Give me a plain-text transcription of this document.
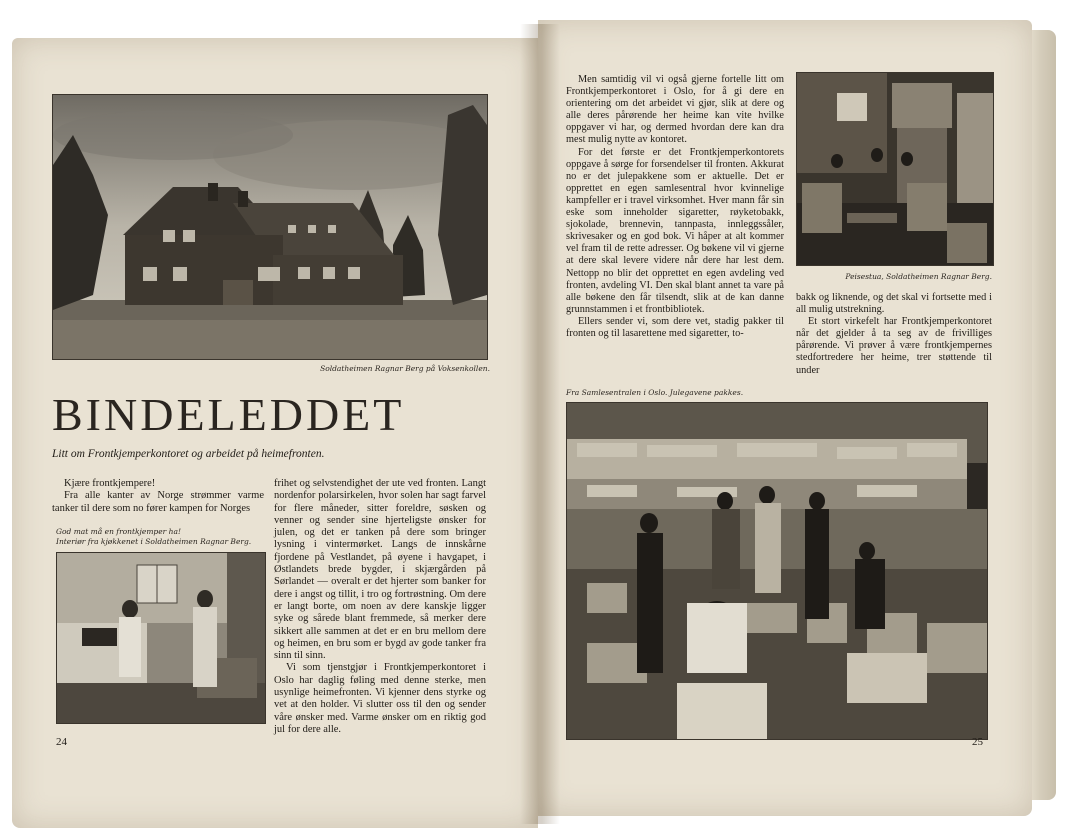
Soldatheimen Ragnar Berg på Voksenkollen.
BINDELEDDET
Litt om Frontkjemperkontoret og arbeidet på heimefronten.

Kjære frontkjempere!

Fra alle kanter av Norge strømmer varme tanker til dere som no fører kampen for Norges

God mat må en frontkjemper ha!
Interiør fra kjøkkenet i Soldatheimen Ragnar Berg.

frihet og selvstendighet der ute ved fronten. Langt nordenfor polarsirkelen, hvor solen har sagt farvel for flere måneder, sitter foreldre, søsken og venner og sender sine hjerteligste ønsker for julen, og det er tanken på dere som bringer lysning i vintermørket. Langs de innskårne fjordene på Vestlandet, på øyene i havgapet, i Østlandets brede bygder, i skjærgården på Sørlandet — overalt er det hjerter som banker for dere i angst og tillit, i tro og fortrøstning. Om dere er langt borte, om noen av dere kanskje ligger syke og sårede blant fremmede, så merker dere sikkert alle sammen at det er en bru mellom dere og heimen, en bru som er bygd av gode tanker fra sinn til sinn.

Vi som tjenstgjør i Frontkjemperkontoret i Oslo har daglig føling med denne sterke, men usynlige heimefronten. Vi kjenner dens styrke og vet at den holder. Vi slutter oss til den og sender våre ønsker med. Varme ønsker om en riktig god jul for dere alle.

24

Men samtidig vil vi også gjerne fortelle litt om Frontkjemperkontoret i Oslo, for å gi dere en orientering om det arbeidet vi gjør, slik at dere og alle deres pårørende her heime kan vite hvilke oppgaver vi har, og dermed hvordan dere kan dra mest mulig nytte av kontoret.

For det første er det Frontkjemperkontorets oppgave å sørge for forsendelser til fronten. Akkurat no er det julepakkene som er aktuelle. Det er opprettet en egen samlesentral hvor kvinnelige kampfeller er i travel virksomhet. Hver mann får sin eske som inneholder sigaretter, røyketobakk, sjokolade, brennevin, tannpasta, innleggssåler, skrivesaker og en god bok. Vi håper at alt kommer vel fram til de rette adresser. Og bøkene vil vi gjerne at dere skal levere videre når dere har lest dem. Nettopp no blir det opprettet en egen avdeling ved fronten, avdeling VI. Den skal blant annet ta vare på alle bøkene den får tilsendt, slik at de kan danne grunnstammen i et frontbibliotek.

Ellers sender vi, som dere vet, stadig pakker til fronten og til lasarettene med sigaretter, to-

Peisestua, Soldatheimen Ragnar Berg.

bakk og liknende, og det skal vi fortsette med i all mulig utstrekning.

Et stort virkefelt har Frontkjemperkontoret når det gjelder å ta seg av de frivilliges pårørende. Vi prøver å være frontkjempernes stedfortredere her heime, trer støttende til under

Fra Samlesentralen i Oslo. Julegavene pakkes.
25
